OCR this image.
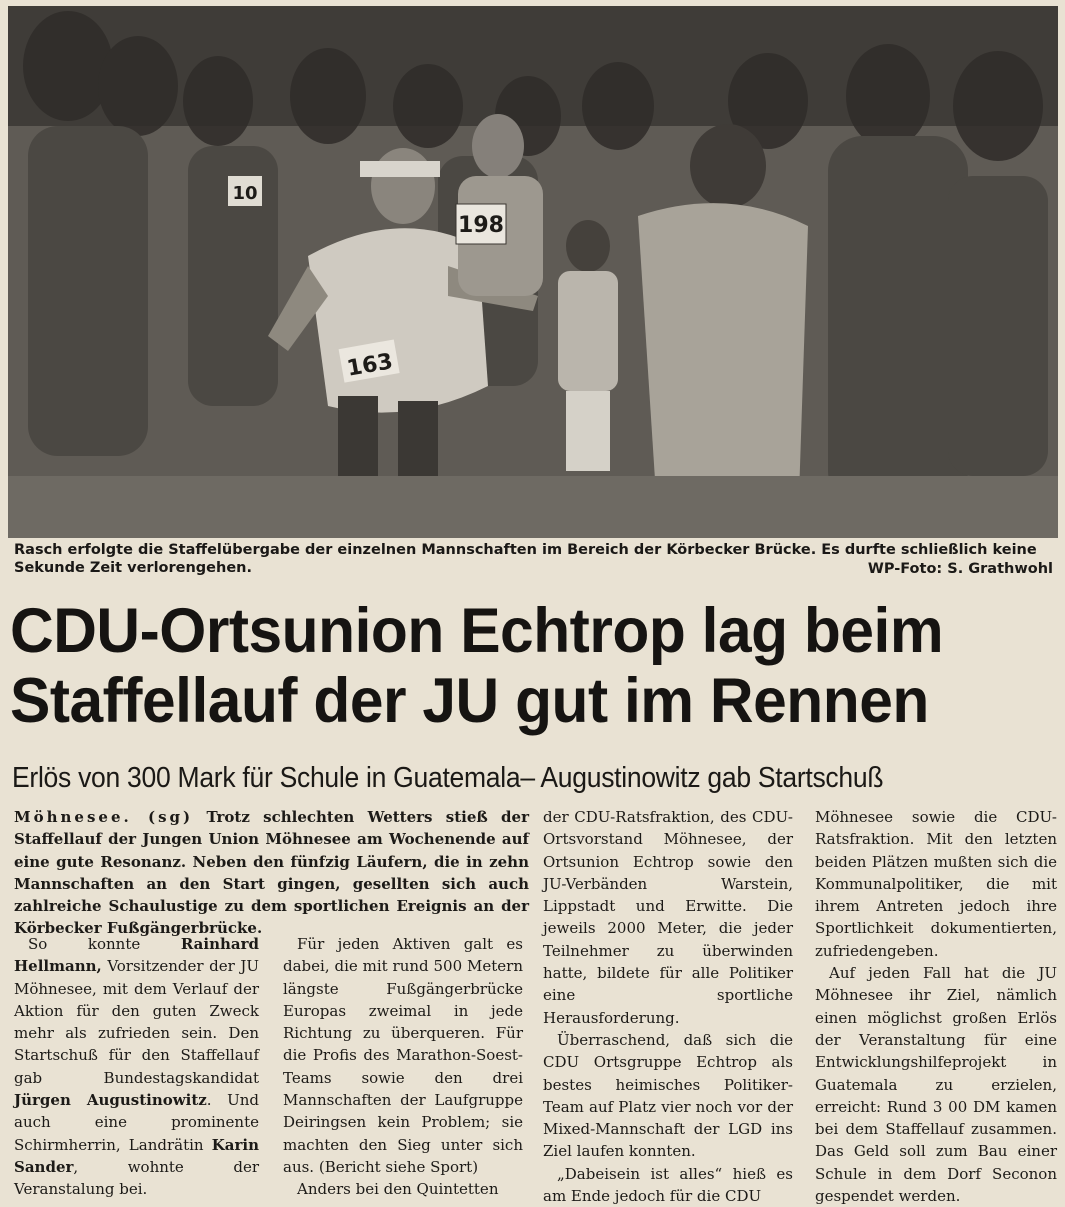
198
163
10
Rasch erfolgte die Staffelübergabe der einzelnen Mannschaften im Bereich der Körbecker Brücke. Es durfte schließlich keine Sekunde Zeit verlorengehen.	WP-Foto: S. Grathwohl
CDU-Ortsunion Echtrop lag beim
Staffellauf der JU gut im Rennen
Erlös von 300 Mark für Schule in Guatemala– Augustinowitz gab Startschuß
Möhnesee. (sg) Trotz schlechten Wetters stieß der Staffellauf der Jungen Union Möhnesee am Wochenende auf eine gute Resonanz. Neben den fünfzig Läufern, die in zehn Mannschaften an den Start gingen, gesellten sich auch zahlreiche Schaulustige zu dem sportlichen Ereignis an der Körbecker Fußgängerbrücke.

So konnte	Rainhard Hellmann, Vorsitzender der JU Möhnesee, mit dem Verlauf der Aktion für den guten Zweck mehr als zufrieden sein. Den Startschuß für den Staffellauf gab Bundestagskandidat Jürgen Augustinowitz. Und auch eine prominente Schirmherrin, Landrätin Karin Sander, wohnte der Veranstalung bei.

Für jeden Aktiven galt es dabei, die mit rund 500 Metern längste Fußgängerbrücke Europas zweimal in jede Richtung zu überqueren. Für die Profis des Marathon-Soest-Teams sowie den drei Mannschaften der Laufgruppe Deiringsen kein Problem; sie machten den Sieg unter sich aus. (Bericht siehe Sport)

Anders bei den Quintetten

der CDU-Ratsfraktion, des CDU-Ortsvorstand Möhnesee, der Ortsunion Echtrop sowie den JU-Verbänden Warstein, Lippstadt und Erwitte. Die jeweils 2000 Meter, die jeder Teilnehmer zu überwinden hatte, bildete für alle Politiker eine sportliche Herausforderung.

Überraschend, daß sich die CDU Ortsgruppe Echtrop als bestes heimisches Politiker-Team auf Platz vier noch vor der Mixed-Mannschaft der LGD ins Ziel laufen konnten.

„Dabeisein ist alles“ hieß es am Ende jedoch für die CDU

Möhnesee sowie die CDU-Ratsfraktion. Mit den letzten beiden Plätzen mußten sich die Kommunalpolitiker, die mit ihrem Antreten jedoch ihre Sportlichkeit dokumentierten, zufriedengeben.

Auf jeden Fall hat die JU Möhnesee ihr Ziel, nämlich einen möglichst großen Erlös der Veranstaltung für eine Entwicklungshilfeprojekt in Guatemala zu erzielen, erreicht: Rund 3 00 DM kamen bei dem Staffellauf zusammen. Das Geld soll zum Bau einer Schule in dem Dorf Seconon gespendet werden.
